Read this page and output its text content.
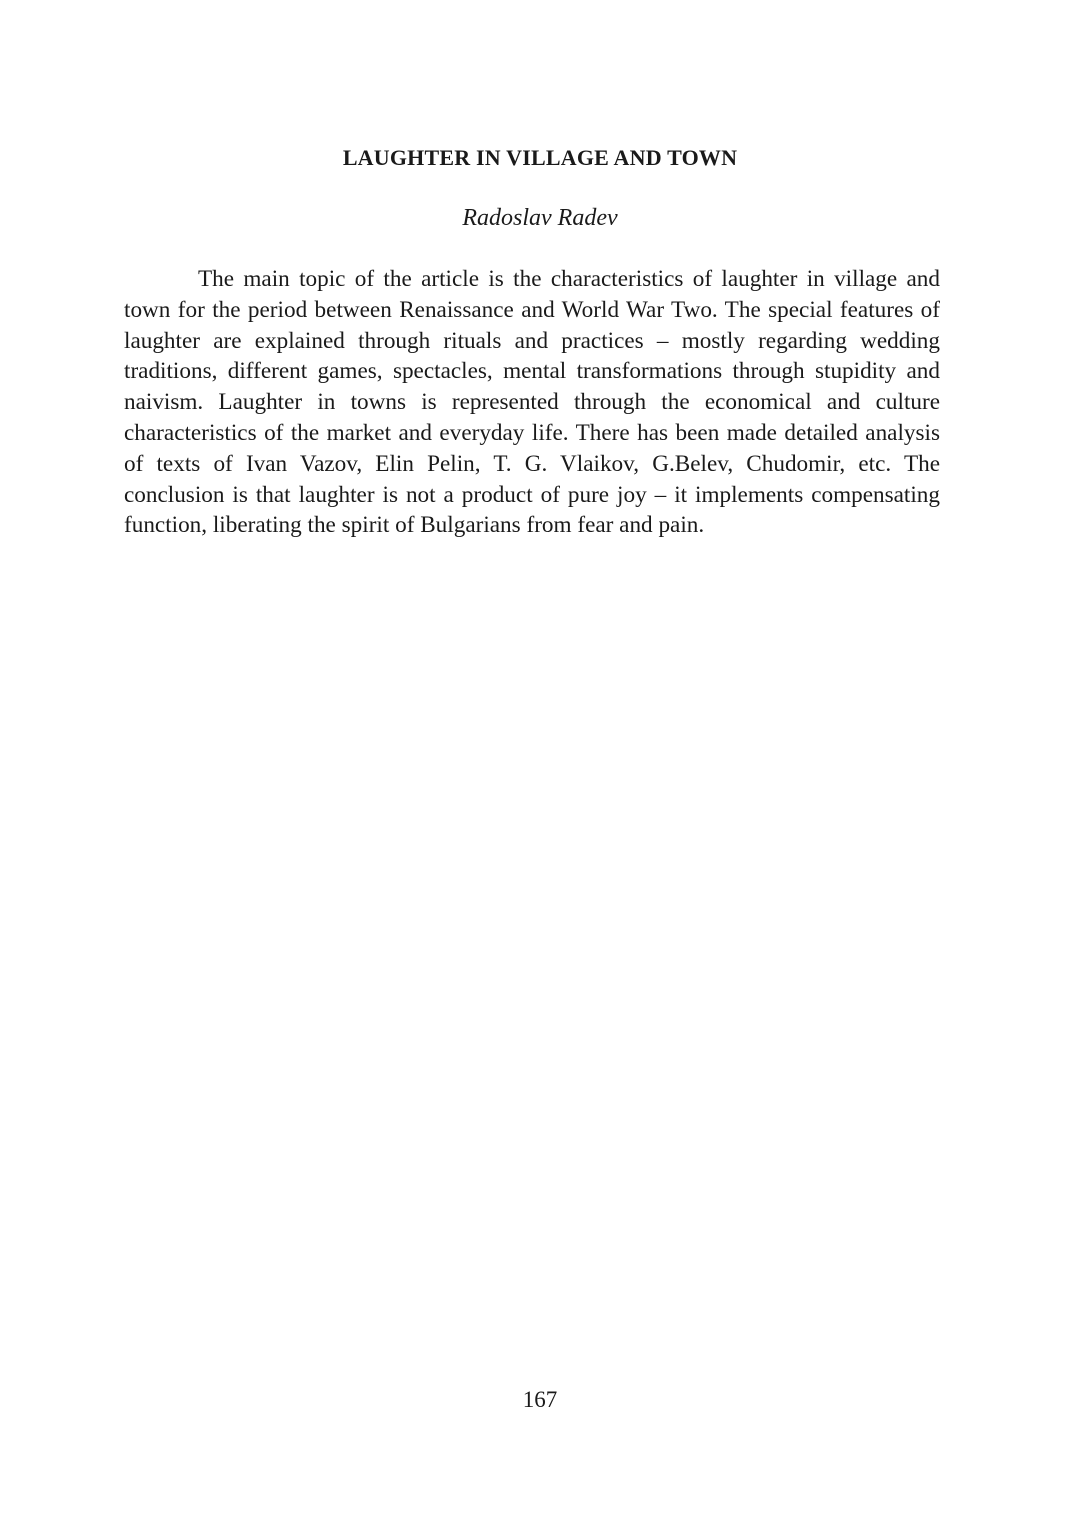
LAUGHTER IN VILLAGE AND TOWN
Radoslav Radev

The main topic of the article is the characteristics of laughter in village and town for the period between Renaissance and World War Two. The special features of laughter are explained through rituals and practices – mostly regarding wedding traditions, different games, spectacles, mental transformations through stupidity and naivism. Laughter in towns is represented through the economical and culture characteristics of the market and everyday life. There has been made detailed analysis of texts of Ivan Vazov, Elin Pelin, T. G. Vlaikov, G.Belev, Chudomir, etc. The conclusion is that laughter is not a product of pure joy – it implements compensating function, liberating the spirit of Bulgarians from fear and pain.

167
